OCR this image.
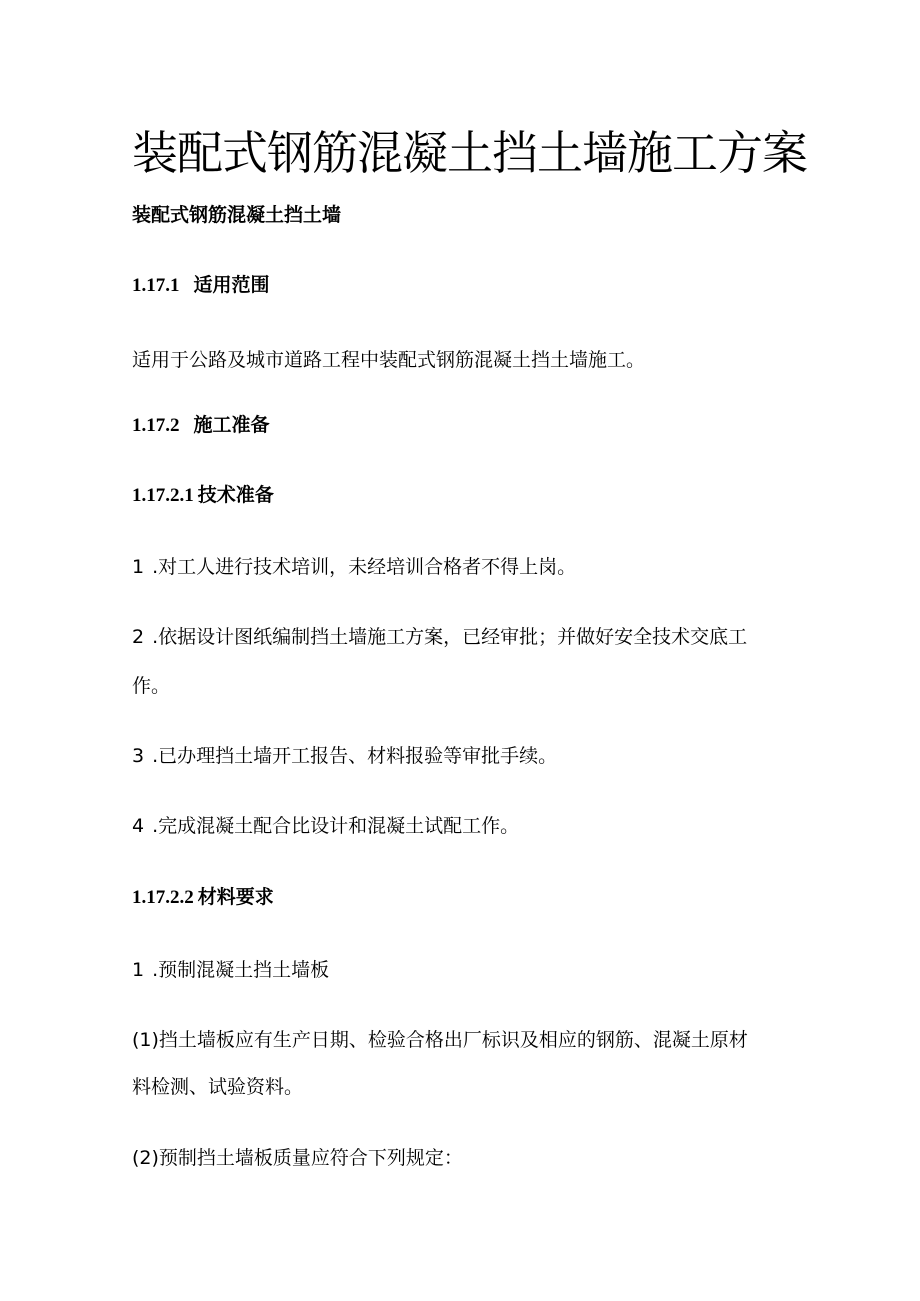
装配式钢筋混凝土挡土墙施工方案
装配式钢筋混凝土挡土墙
1.17.1 适用范围
适用于公路及城市道路工程中装配式钢筋混凝土挡土墙施工。
1.17.2 施工准备
1.17.2.1 技术准备
1 .对工人进行技术培训，未经培训合格者不得上岗。
2 .依据设计图纸编制挡土墙施工方案，已经审批；并做好安全技术交底工
作。
3 .已办理挡土墙开工报告、材料报验等审批手续。
4 .完成混凝土配合比设计和混凝土试配工作。
1.17.2.2 材料要求
1 .预制混凝土挡土墙板
(1)挡土墙板应有生产日期、检验合格出厂标识及相应的钢筋、混凝土原材
料检测、试验资料。
(2)预制挡土墙板质量应符合下列规定：
